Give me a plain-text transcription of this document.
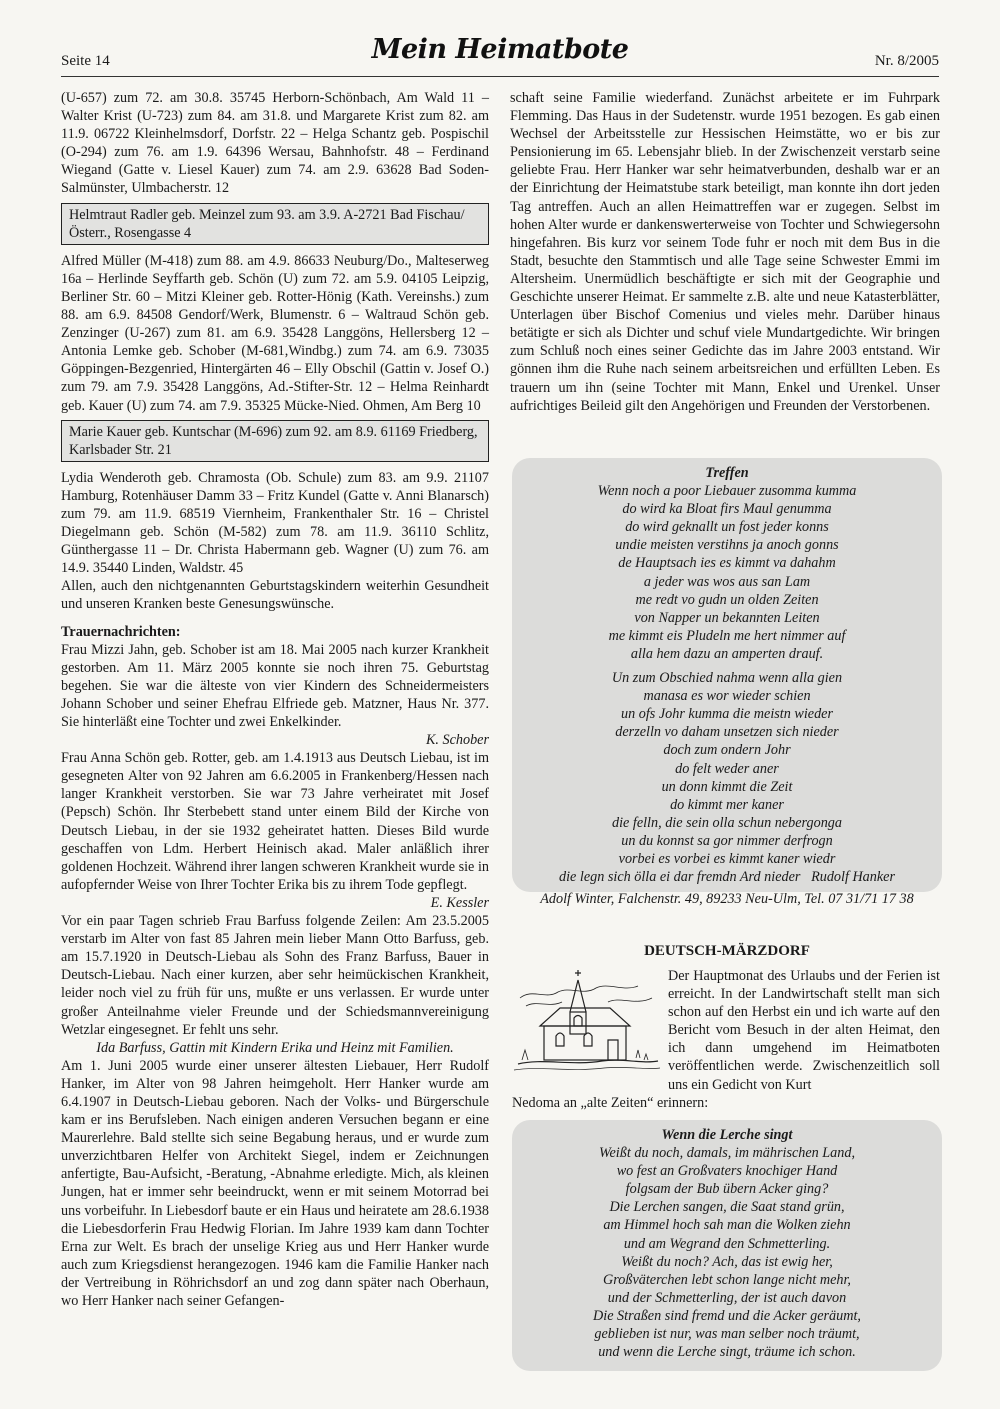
Seite 14	Mein Heimatbote	Nr. 8/2005

(U-657) zum 72. am 30.8. 35745 Herborn-Schönbach, Am Wald 11 – Walter Krist (U-723) zum 84. am 31.8. und Margarete Krist zum 82. am 11.9. 06722 Kleinhelmsdorf, Dorfstr. 22 – Helga Schantz geb. Pospischil (O-294) zum 76. am 1.9. 64396 Wersau, Bahnhofstr. 48 – Ferdinand Wiegand (Gatte v. Liesel Kauer) zum 74. am 2.9. 63628 Bad Soden-Salmünster, Ulmbacherstr. 12

Helmtraut Radler geb. Meinzel zum 93. am 3.9. A-2721 Bad Fischau/Österr., Rosengasse 4

Alfred Müller (M-418) zum 88. am 4.9. 86633 Neuburg/Do., Malteserweg 16a – Herlinde Seyffarth geb. Schön (U) zum 72. am 5.9. 04105 Leipzig, Berliner Str. 60 – Mitzi Kleiner geb. Rotter-Hönig (Kath. Vereinshs.) zum 88. am 6.9. 84508 Gendorf/Werk, Blumenstr. 6 – Waltraud Schön geb. Zenzinger (U-267) zum 81. am 6.9. 35428 Langgöns, Hellersberg 12 – Antonia Lemke geb. Schober (M-681,Windbg.) zum 74. am 6.9. 73035 Göppingen-Bezgenried, Hintergärten 46 – Elly Obschil (Gattin v. Josef O.) zum 79. am 7.9. 35428 Langgöns, Ad.-Stifter-Str. 12 – Helma Reinhardt geb. Kauer (U) zum 74. am 7.9. 35325 Mücke-Nied. Ohmen, Am Berg 10

Marie Kauer geb. Kuntschar (M-696) zum 92. am 8.9. 61169 Friedberg, Karlsbader Str. 21

Lydia Wenderoth geb. Chramosta (Ob. Schule) zum 83. am 9.9. 21107 Hamburg, Rotenhäuser Damm 33 – Fritz Kundel (Gatte v. Anni Blanarsch) zum 79. am 11.9. 68519 Viernheim, Frankenthaler Str. 16 – Christel Diegelmann geb. Schön (M-582) zum 78. am 11.9. 36110 Schlitz, Günthergasse 11 – Dr. Christa Habermann geb. Wagner (U) zum 76. am 14.9. 35440 Linden, Waldstr. 45

Allen, auch den nichtgenannten Geburtstagskindern weiterhin Gesundheit und unseren Kranken beste Genesungswünsche.

Trauernachrichten:

Frau Mizzi Jahn, geb. Schober ist am 18. Mai 2005 nach kurzer Krankheit gestorben. Am 11. März 2005 konnte sie noch ihren 75. Geburtstag begehen. Sie war die älteste von vier Kindern des Schneidermeisters Johann Schober und seiner Ehefrau Elfriede geb. Matzner, Haus Nr. 377. Sie hinterläßt eine Tochter und zwei Enkelkinder.

K. Schober

Frau Anna Schön geb. Rotter, geb. am 1.4.1913 aus Deutsch Liebau, ist im gesegneten Alter von 92 Jahren am 6.6.2005 in Frankenberg/Hessen nach langer Krankheit verstorben. Sie war 73 Jahre verheiratet mit Josef (Pepsch) Schön. Ihr Sterbebett stand unter einem Bild der Kirche von Deutsch Liebau, in der sie 1932 geheiratet hatten. Dieses Bild wurde geschaffen von Ldm. Herbert Heinisch akad. Maler anläßlich ihrer goldenen Hochzeit. Während ihrer langen schweren Krankheit wurde sie in aufopfernder Weise von Ihrer Tochter Erika bis zu ihrem Tode gepflegt.

E. Kessler

Vor ein paar Tagen schrieb Frau Barfuss folgende Zeilen: Am 23.5.2005 verstarb im Alter von fast 85 Jahren mein lieber Mann Otto Barfuss, geb. am 15.7.1920 in Deutsch-Liebau als Sohn des Franz Barfuss, Bauer in Deutsch-Liebau. Nach einer kurzen, aber sehr heimückischen Krankheit, leider noch viel zu früh für uns, mußte er uns verlassen. Er wurde unter großer Anteilnahme vieler Freunde und der Schiedsmannvereinigung Wetzlar eingesegnet. Er fehlt uns sehr.

Ida Barfuss, Gattin mit Kindern Erika und Heinz mit Familien.

Am 1. Juni 2005 wurde einer unserer ältesten Liebauer, Herr Rudolf Hanker, im Alter von 98 Jahren heimgeholt. Herr Hanker wurde am 6.4.1907 in Deutsch-Liebau geboren. Nach der Volks- und Bürgerschule kam er ins Berufsleben. Nach einigen anderen Versuchen begann er eine Maurerlehre. Bald stellte sich seine Begabung heraus, und er wurde zum unverzichtbaren Helfer von Architekt Siegel, indem er Zeichnungen anfertigte, Bau-Aufsicht, -Beratung, -Abnahme erledigte. Mich, als kleinen Jungen, hat er immer sehr beeindruckt, wenn er mit seinem Motorrad bei uns vorbeifuhr. In Liebesdorf baute er ein Haus und heiratete am 28.6.1938 die Liebesdorferin Frau Hedwig Florian. Im Jahre 1939 kam dann Tochter Erna zur Welt. Es brach der unselige Krieg aus und Herr Hanker wurde auch zum Kriegsdienst herangezogen. 1946 kam die Familie Hanker nach der Vertreibung in Röhrichsdorf an und zog dann später nach Oberhaun, wo Herr Hanker nach seiner Gefangen-

schaft seine Familie wiederfand. Zunächst arbeitete er im Fuhrpark Flemming. Das Haus in der Sudetenstr. wurde 1951 bezogen. Es gab einen Wechsel der Arbeitsstelle zur Hessischen Heimstätte, wo er bis zur Pensionierung im 65. Lebensjahr blieb. In der Zwischenzeit verstarb seine geliebte Frau. Herr Hanker war sehr heimatverbunden, deshalb war er an der Einrichtung der Heimatstube stark beteiligt, man konnte ihn dort jeden Tag antreffen. Auch an allen Heimattreffen war er zugegen. Selbst im hohen Alter wurde er dankenswerterweise von Tochter und Schwiegersohn hingefahren. Bis kurz vor seinem Tode fuhr er noch mit dem Bus in die Stadt, besuchte den Stammtisch und alle Tage seine Schwester Emmi im Altersheim. Unermüdlich beschäftigte er sich mit der Geographie und Geschichte unserer Heimat. Er sammelte z.B. alte und neue Katasterblätter, Unterlagen über Bischof Comenius und vieles mehr. Darüber hinaus betätigte er sich als Dichter und schuf viele Mundartgedichte. Wir bringen zum Schluß noch eines seiner Gedichte das im Jahre 2003 entstand. Wir gönnen ihm die Ruhe nach seinem arbeitsreichen und erfüllten Leben. Es trauern um ihn (seine Tochter mit Mann, Enkel und Urenkel. Unser aufrichtiges Beileid gilt den Angehörigen und Freunden der Verstorbenen.

Treffen
Wenn noch a poor Liebauer zusomma kumma
do wird ka Bloat firs Maul genumma
do wird geknallt un fost jeder konns
undie meisten verstihns ja anoch gonns
de Hauptsach ies es kimmt va dahahm
a jeder was wos aus san Lam
me redt vo gudn un olden Zeiten
von Napper un bekannten Leiten
me kimmt eis Pludeln me hert nimmer auf
alla hem dazu an amperten drauf.
Un zum Obschied nahma wenn alla gien
manasa es wor wieder schien
un ofs Johr kumma die meistn wieder
derzelln vo daham unsetzen sich nieder
doch zum ondern Johr
do felt weder aner
un donn kimmt die Zeit
do kimmt mer kaner
die felln, die sein olla schun nebergonga
un du konnst sa gor nimmer derfrogn
vorbei es vorbei es kimmt kaner wiedr
die legn sich ölla ei dar fremdn Ard nieder Rudolf Hanker
Adolf Winter, Falchenstr. 49, 89233 Neu-Ulm, Tel. 07 31/71 17 38
DEUTSCH-MÄRZDORF
Der Hauptmonat des Urlaubs und der Ferien ist erreicht. In der Landwirtschaft stellt man sich schon auf den Herbst ein und ich warte auf den Bericht vom Besuch in der alten Heimat, den ich dann umgehend im Heimatboten veröffentlichen werde. Zwischenzeitlich soll uns ein Gedicht von Kurt
Nedoma an „alte Zeiten“ erinnern:
Wenn die Lerche singt
Weißt du noch, damals, im mährischen Land,
wo fest an Großvaters knochiger Hand
folgsam der Bub übern Acker ging?
Die Lerchen sangen, die Saat stand grün,
am Himmel hoch sah man die Wolken ziehn
und am Wegrand den Schmetterling.
Weißt du noch? Ach, das ist ewig her,
Großväterchen lebt schon lange nicht mehr,
und der Schmetterling, der ist auch davon
Die Straßen sind fremd und die Acker geräumt,
geblieben ist nur, was man selber noch träumt,
und wenn die Lerche singt, träume ich schon.
